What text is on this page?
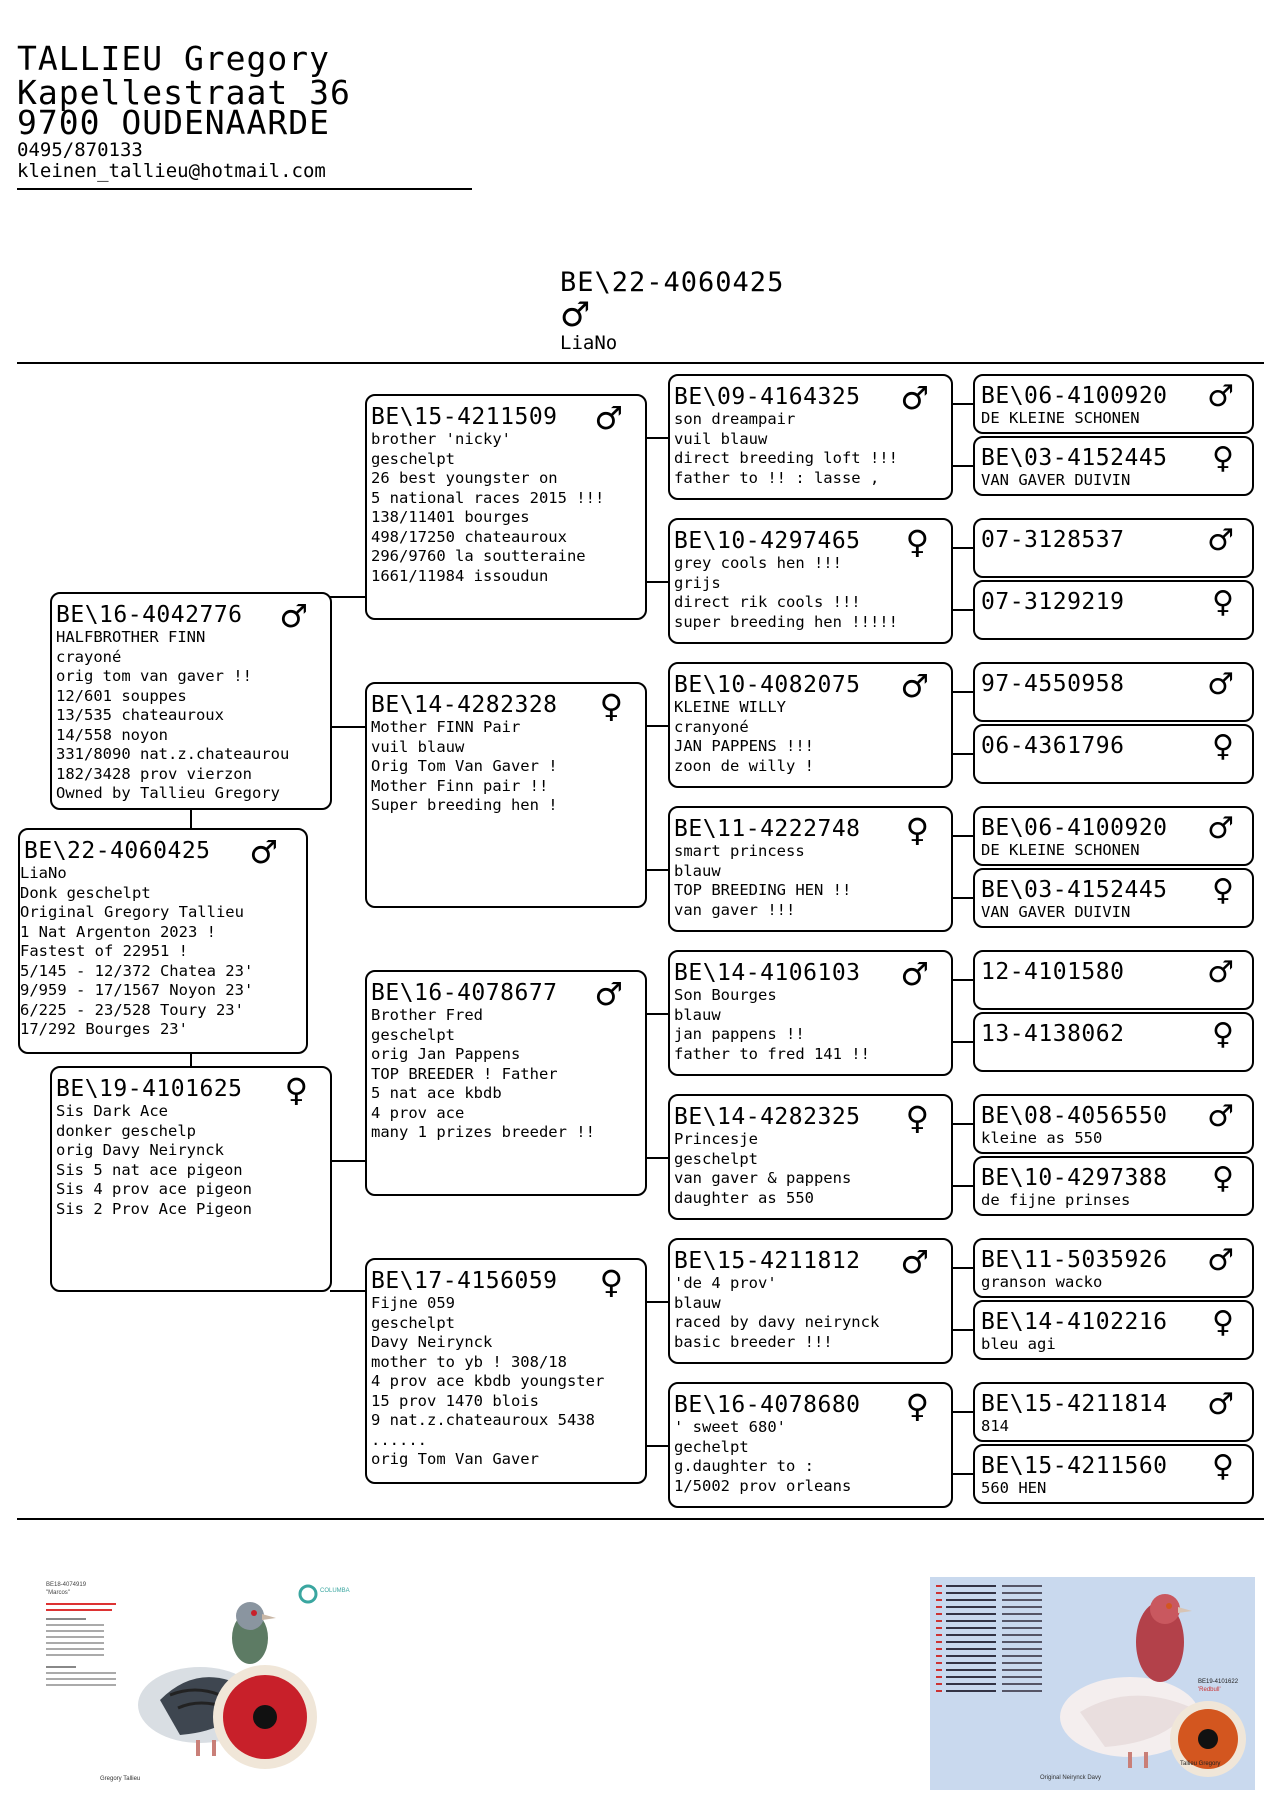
TALLIEU Gregory
Kapellestraat 36
9700 OUDENAARDE
0495/870133
kleinen_tallieu@hotmail.com
BE\22-4060425
♂
LiaNo
BE\16-4042776	♂
HALFBROTHER FINN
crayoné
orig tom van gaver !!
12/601 souppes
13/535 chateauroux
14/558 noyon
331/8090 nat.z.chateaurou
182/3428 prov vierzon
Owned by Tallieu Gregory
BE\22-4060425	♂
LiaNo
Donk geschelpt
Original Gregory Tallieu
1 Nat Argenton 2023 !
Fastest of 22951 !
5/145 - 12/372 Chatea 23'
9/959 - 17/1567 Noyon 23'
6/225 - 23/528 Toury 23'
17/292 Bourges 23'
BE\19-4101625	♀
Sis Dark Ace
donker geschelp
orig Davy Neirynck
Sis 5 nat ace pigeon
Sis 4 prov ace pigeon
Sis 2 Prov Ace Pigeon
BE\15-4211509	♂
brother 'nicky'
geschelpt
26 best youngster on
5 national races 2015 !!!
138/11401 bourges
498/17250 chateauroux
296/9760 la soutteraine
1661/11984 issoudun
BE\14-4282328	♀
Mother FINN Pair
vuil blauw
Orig Tom Van Gaver !
Mother Finn pair !!
Super breeding hen !
BE\16-4078677	♂
Brother Fred
geschelpt
orig Jan Pappens
TOP BREEDER ! Father
5 nat ace kbdb
4 prov ace
many 1 prizes breeder !!
BE\17-4156059	♀
Fijne 059
geschelpt
Davy Neirynck
mother to yb ! 308/18
4 prov ace kbdb youngster
15 prov 1470 blois
9 nat.z.chateauroux 5438
......
orig Tom Van Gaver
BE\09-4164325	♂
son dreampair
vuil blauw
direct breeding loft !!!
father to !! : lasse ,
BE\10-4297465	♀
grey cools hen !!!
grijs
direct rik cools !!!
super breeding hen !!!!!
BE\10-4082075	♂
KLEINE WILLY
cranyoné
JAN PAPPENS !!!
zoon de willy !
BE\11-4222748	♀
smart princess
blauw
TOP BREEDING HEN !!
van gaver !!!
BE\14-4106103	♂
Son Bourges
blauw
jan pappens !!
father to fred 141 !!
BE\14-4282325	♀
Princesje
geschelpt
van gaver & pappens
daughter as 550
BE\15-4211812	♂
'de 4 prov'
blauw
raced by davy neirynck
basic breeder !!!
BE\16-4078680	♀
' sweet 680'
gechelpt
g.daughter to :
1/5002 prov orleans
BE\06-4100920	♂
DE KLEINE SCHONEN
BE\03-4152445	♀
VAN GAVER DUIVIN
07-3128537	♂
07-3129219	♀
97-4550958	♂
06-4361796	♀
BE\06-4100920	♂
DE KLEINE SCHONEN
BE\03-4152445	♀
VAN GAVER DUIVIN
12-4101580	♂
13-4138062	♀
BE\08-4056550	♂
kleine as 550
BE\10-4297388	♀
de fijne prinses
BE\11-5035926	♂
granson wacko
BE\14-4102216	♀
bleu agi
BE\15-4211814	♂
814
BE\15-4211560	♀
560 HEN
BE18-4074919
"Marcos"	COLUMBA
Gregory Tallieu
BE19-4101622
'Redbull'
Tallieu Gregory
Original Neirynck Davy
